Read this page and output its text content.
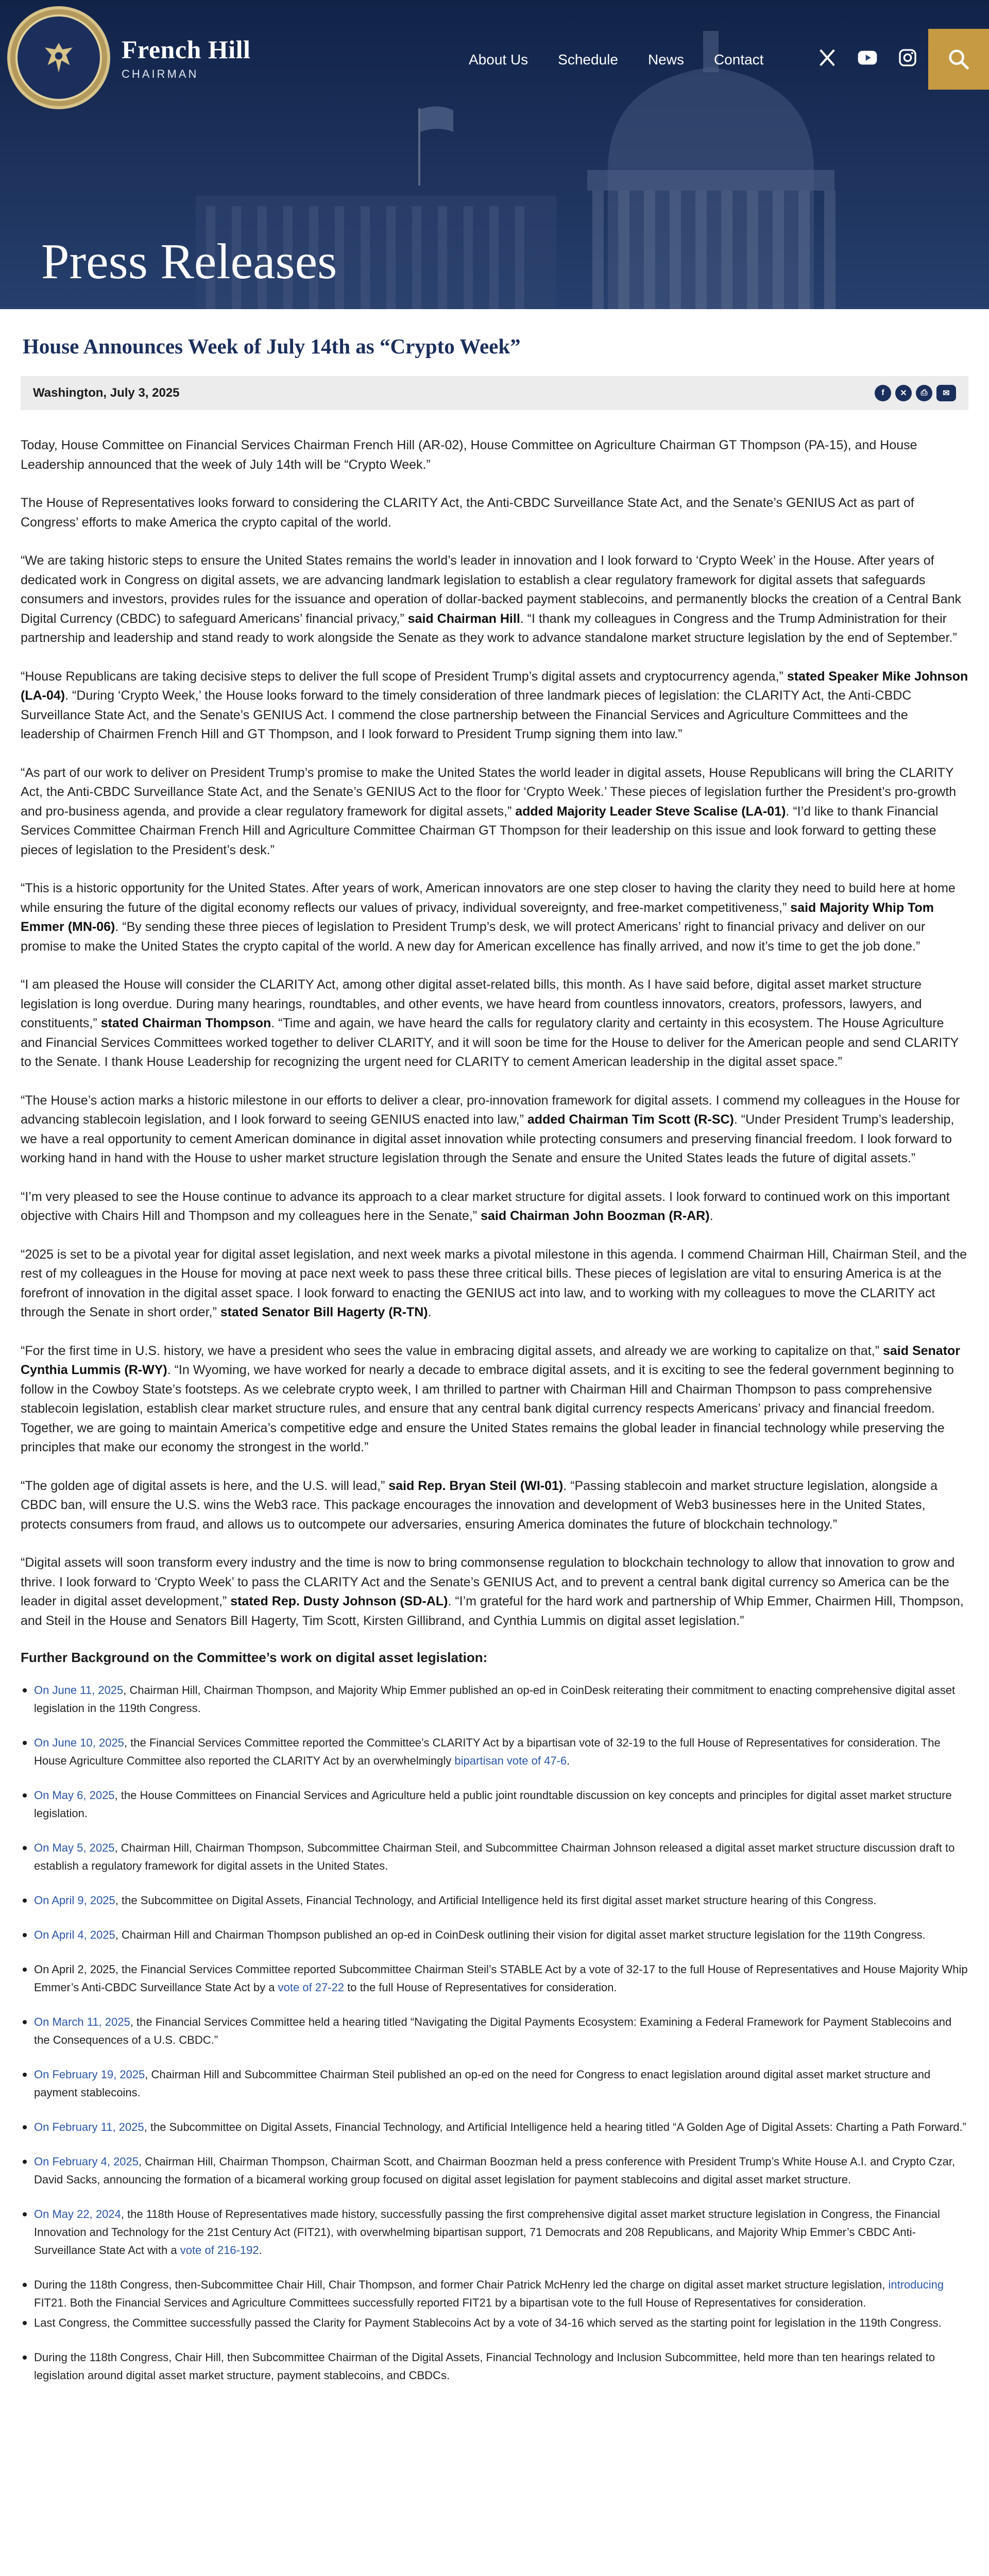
French Hill
CHAIRMAN
About Us Schedule News Contact
Press Releases
House Announces Week of July 14th as “Crypto Week”
Washington, July 3, 2025	f	✕	⎙	✉

Today, House Committee on Financial Services Chairman French Hill (AR-02), House Committee on Agriculture Chairman GT Thompson (PA-15), and House Leadership announced that the week of July 14th will be “Crypto Week.”

The House of Representatives looks forward to considering the CLARITY Act, the Anti-CBDC Surveillance State Act, and the Senate’s GENIUS Act as part of Congress’ efforts to make America the crypto capital of the world.

“We are taking historic steps to ensure the United States remains the world’s leader in innovation and I look forward to ‘Crypto Week’ in the House. After years of dedicated work in Congress on digital assets, we are advancing landmark legislation to establish a clear regulatory framework for digital assets that safeguards consumers and investors, provides rules for the issuance and operation of dollar-backed payment stablecoins, and permanently blocks the creation of a Central Bank Digital Currency (CBDC) to safeguard Americans’ financial privacy,” said Chairman Hill. “I thank my colleagues in Congress and the Trump Administration for their partnership and leadership and stand ready to work alongside the Senate as they work to advance standalone market structure legislation by the end of September.”

“House Republicans are taking decisive steps to deliver the full scope of President Trump’s digital assets and cryptocurrency agenda,” stated Speaker Mike Johnson (LA-04). “During ‘Crypto Week,’ the House looks forward to the timely consideration of three landmark pieces of legislation: the CLARITY Act, the Anti-CBDC Surveillance State Act, and the Senate’s GENIUS Act. I commend the close partnership between the Financial Services and Agriculture Committees and the leadership of Chairmen French Hill and GT Thompson, and I look forward to President Trump signing them into law.”

“As part of our work to deliver on President Trump’s promise to make the United States the world leader in digital assets, House Republicans will bring the CLARITY Act, the Anti-CBDC Surveillance State Act, and the Senate’s GENIUS Act to the floor for ‘Crypto Week.’ These pieces of legislation further the President’s pro-growth and pro-business agenda, and provide a clear regulatory framework for digital assets,” added Majority Leader Steve Scalise (LA-01). “I’d like to thank Financial Services Committee Chairman French Hill and Agriculture Committee Chairman GT Thompson for their leadership on this issue and look forward to getting these pieces of legislation to the President’s desk.”

“This is a historic opportunity for the United States. After years of work, American innovators are one step closer to having the clarity they need to build here at home while ensuring the future of the digital economy reflects our values of privacy, individual sovereignty, and free-market competitiveness,” said Majority Whip Tom Emmer (MN-06). “By sending these three pieces of legislation to President Trump’s desk, we will protect Americans’ right to financial privacy and deliver on our promise to make the United States the crypto capital of the world. A new day for American excellence has finally arrived, and now it’s time to get the job done.”

“I am pleased the House will consider the CLARITY Act, among other digital asset-related bills, this month. As I have said before, digital asset market structure legislation is long overdue. During many hearings, roundtables, and other events, we have heard from countless innovators, creators, professors, lawyers, and constituents,” stated Chairman Thompson. “Time and again, we have heard the calls for regulatory clarity and certainty in this ecosystem. The House Agriculture and Financial Services Committees worked together to deliver CLARITY, and it will soon be time for the House to deliver for the American people and send CLARITY to the Senate. I thank House Leadership for recognizing the urgent need for CLARITY to cement American leadership in the digital asset space.”

“The House’s action marks a historic milestone in our efforts to deliver a clear, pro-innovation framework for digital assets. I commend my colleagues in the House for advancing stablecoin legislation, and I look forward to seeing GENIUS enacted into law,” added Chairman Tim Scott (R-SC). “Under President Trump’s leadership, we have a real opportunity to cement American dominance in digital asset innovation while protecting consumers and preserving financial freedom. I look forward to working hand in hand with the House to usher market structure legislation through the Senate and ensure the United States leads the future of digital assets.”

“I’m very pleased to see the House continue to advance its approach to a clear market structure for digital assets. I look forward to continued work on this important objective with Chairs Hill and Thompson and my colleagues here in the Senate,” said Chairman John Boozman (R-AR).

“2025 is set to be a pivotal year for digital asset legislation, and next week marks a pivotal milestone in this agenda. I commend Chairman Hill, Chairman Steil, and the rest of my colleagues in the House for moving at pace next week to pass these three critical bills. These pieces of legislation are vital to ensuring America is at the forefront of innovation in the digital asset space. I look forward to enacting the GENIUS act into law, and to working with my colleagues to move the CLARITY act through the Senate in short order,” stated Senator Bill Hagerty (R-TN).

“For the first time in U.S. history, we have a president who sees the value in embracing digital assets, and already we are working to capitalize on that,” said Senator Cynthia Lummis (R-WY). “In Wyoming, we have worked for nearly a decade to embrace digital assets, and it is exciting to see the federal government beginning to follow in the Cowboy State’s footsteps. As we celebrate crypto week, I am thrilled to partner with Chairman Hill and Chairman Thompson to pass comprehensive stablecoin legislation, establish clear market structure rules, and ensure that any central bank digital currency respects Americans’ privacy and financial freedom. Together, we are going to maintain America’s competitive edge and ensure the United States remains the global leader in financial technology while preserving the principles that make our economy the strongest in the world.”

“The golden age of digital assets is here, and the U.S. will lead,” said Rep. Bryan Steil (WI-01). “Passing stablecoin and market structure legislation, alongside a CBDC ban, will ensure the U.S. wins the Web3 race. This package encourages the innovation and development of Web3 businesses here in the United States, protects consumers from fraud, and allows us to outcompete our adversaries, ensuring America dominates the future of blockchain technology.”

“Digital assets will soon transform every industry and the time is now to bring commonsense regulation to blockchain technology to allow that innovation to grow and thrive. I look forward to ‘Crypto Week’ to pass the CLARITY Act and the Senate’s GENIUS Act, and to prevent a central bank digital currency so America can be the leader in digital asset development,” stated Rep. Dusty Johnson (SD-AL). “I’m grateful for the hard work and partnership of Whip Emmer, Chairmen Hill, Thompson, and Steil in the House and Senators Bill Hagerty, Tim Scott, Kirsten Gillibrand, and Cynthia Lummis on digital asset legislation.”

Further Background on the Committee’s work on digital asset legislation:
On June 11, 2025, Chairman Hill, Chairman Thompson, and Majority Whip Emmer published an op-ed in CoinDesk reiterating their commitment to enacting comprehensive digital asset legislation in the 119th Congress.
On June 10, 2025, the Financial Services Committee reported the Committee’s CLARITY Act by a bipartisan vote of 32-19 to the full House of Representatives for consideration. The House Agriculture Committee also reported the CLARITY Act by an overwhelmingly bipartisan vote of 47-6.
On May 6, 2025, the House Committees on Financial Services and Agriculture held a public joint roundtable discussion on key concepts and principles for digital asset market structure legislation.
On May 5, 2025, Chairman Hill, Chairman Thompson, Subcommittee Chairman Steil, and Subcommittee Chairman Johnson released a digital asset market structure discussion draft to establish a regulatory framework for digital assets in the United States.
On April 9, 2025, the Subcommittee on Digital Assets, Financial Technology, and Artificial Intelligence held its first digital asset market structure hearing of this Congress.
On April 4, 2025, Chairman Hill and Chairman Thompson published an op-ed in CoinDesk outlining their vision for digital asset market structure legislation for the 119th Congress.
On April 2, 2025, the Financial Services Committee reported Subcommittee Chairman Steil’s STABLE Act by a vote of 32-17 to the full House of Representatives and House Majority Whip Emmer’s Anti-CBDC Surveillance State Act by a vote of 27-22 to the full House of Representatives for consideration.
On March 11, 2025, the Financial Services Committee held a hearing titled “Navigating the Digital Payments Ecosystem: Examining a Federal Framework for Payment Stablecoins and the Consequences of a U.S. CBDC.”
On February 19, 2025, Chairman Hill and Subcommittee Chairman Steil published an op-ed on the need for Congress to enact legislation around digital asset market structure and payment stablecoins.
On February 11, 2025, the Subcommittee on Digital Assets, Financial Technology, and Artificial Intelligence held a hearing titled “A Golden Age of Digital Assets: Charting a Path Forward.”
On February 4, 2025, Chairman Hill, Chairman Thompson, Chairman Scott, and Chairman Boozman held a press conference with President Trump’s White House A.I. and Crypto Czar, David Sacks, announcing the formation of a bicameral working group focused on digital asset legislation for payment stablecoins and digital asset market structure.
On May 22, 2024, the 118th House of Representatives made history, successfully passing the first comprehensive digital asset market structure legislation in Congress, the Financial Innovation and Technology for the 21st Century Act (FIT21), with overwhelming bipartisan support, 71 Democrats and 208 Republicans, and Majority Whip Emmer’s CBDC Anti-Surveillance State Act with a vote of 216-192.
During the 118th Congress, then-Subcommittee Chair Hill, Chair Thompson, and former Chair Patrick McHenry led the charge on digital asset market structure legislation, introducing FIT21. Both the Financial Services and Agriculture Committees successfully reported FIT21 by a bipartisan vote to the full House of Representatives for consideration.
Last Congress, the Committee successfully passed the Clarity for Payment Stablecoins Act by a vote of 34-16 which served as the starting point for legislation in the 119th Congress.
During the 118th Congress, Chair Hill, then Subcommittee Chairman of the Digital Assets, Financial Technology and Inclusion Subcommittee, held more than ten hearings related to legislation around digital asset market structure, payment stablecoins, and CBDCs.
